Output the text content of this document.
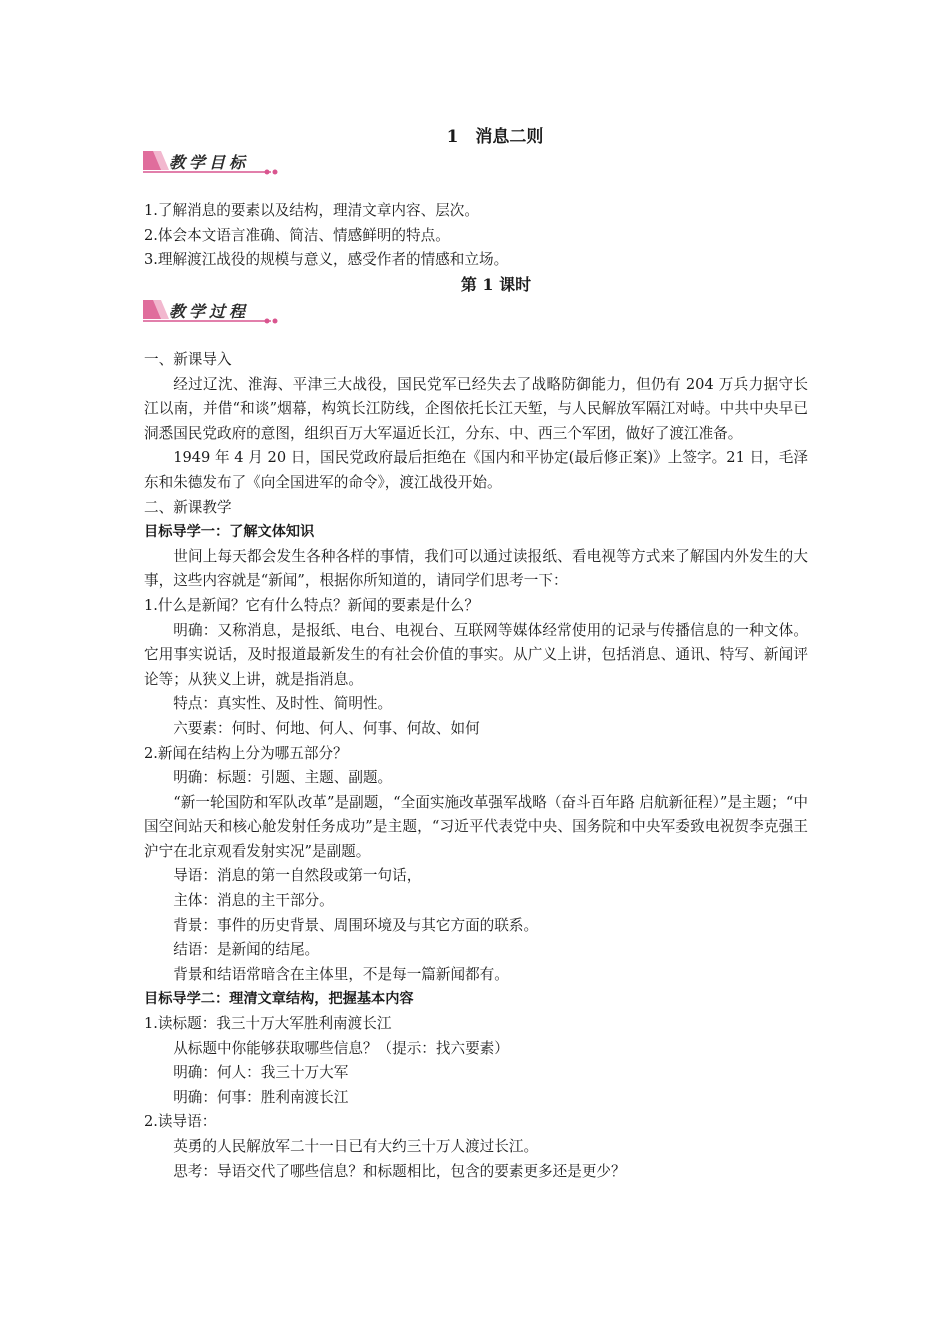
1　消息二则
教学目标

1.了解消息的要素以及结构，理清文章内容、层次。

2.体会本文语言准确、简洁、情感鲜明的特点。

3.理解渡江战役的规模与意义，感受作者的情感和立场。

第 1 课时

教学过程

一、新课导入

经过辽沈、淮海、平津三大战役，国民党军已经失去了战略防御能力，但仍有 204 万兵力据守长江以南，并借“和谈”烟幕，构筑长江防线，企图依托长江天堑，与人民解放军隔江对峙。中共中央早已洞悉国民党政府的意图，组织百万大军逼近长江，分东、中、西三个军团，做好了渡江准备。

1949 年 4 月 20 日，国民党政府最后拒绝在《国内和平协定(最后修正案)》上签字。21 日，毛泽东和朱德发布了《向全国进军的命令》，渡江战役开始。

二、新课教学

目标导学一：了解文体知识

世间上每天都会发生各种各样的事情，我们可以通过读报纸、看电视等方式来了解国内外发生的大事，这些内容就是“新闻”，根据你所知道的，请同学们思考一下：

1.什么是新闻？它有什么特点？新闻的要素是什么？

明确：又称消息，是报纸、电台、电视台、互联网等媒体经常使用的记录与传播信息的一种文体。它用事实说话，及时报道最新发生的有社会价值的事实。从广义上讲，包括消息、通讯、特写、新闻评论等；从狭义上讲，就是指消息。

特点：真实性、及时性、简明性。

六要素：何时、何地、何人、何事、何故、如何

2.新闻在结构上分为哪五部分？

明确：标题：引题、主题、副题。

“新一轮国防和军队改革”是副题，“全面实施改革强军战略（奋斗百年路 启航新征程）”是主题；“中国空间站天和核心舱发射任务成功”是主题，“习近平代表党中央、国务院和中央军委致电祝贺李克强王沪宁在北京观看发射实况”是副题。

导语：消息的第一自然段或第一句话，

主体：消息的主干部分。

背景：事件的历史背景、周围环境及与其它方面的联系。

结语：是新闻的结尾。

背景和结语常暗含在主体里，不是每一篇新闻都有。

目标导学二：理清文章结构，把握基本内容

1.读标题：我三十万大军胜利南渡长江

从标题中你能够获取哪些信息？（提示：找六要素）

明确：何人：我三十万大军

明确：何事：胜利南渡长江

2.读导语：

英勇的人民解放军二十一日已有大约三十万人渡过长江。

思考：导语交代了哪些信息？和标题相比，包含的要素更多还是更少？
